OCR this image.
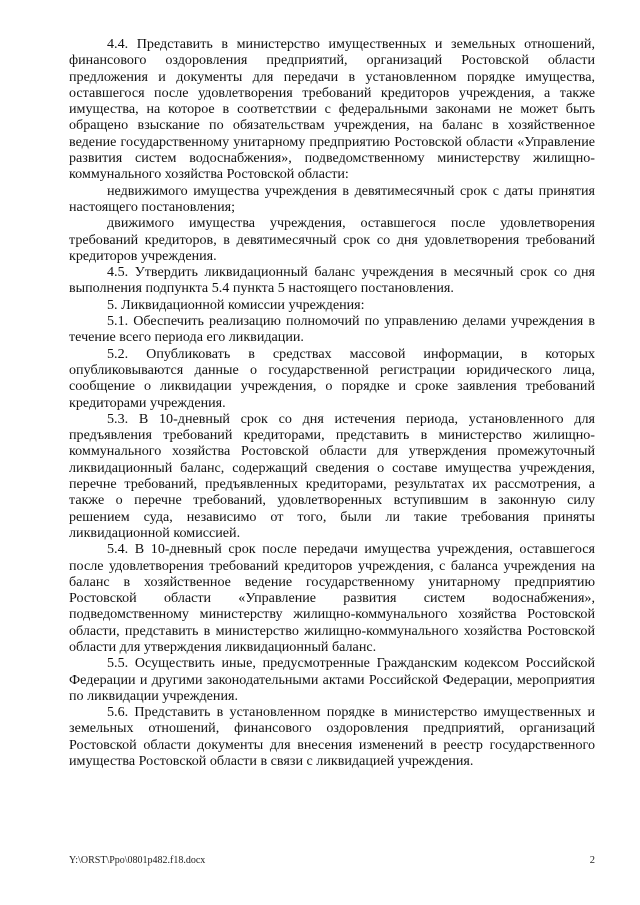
4.4. Представить в министерство имущественных и земельных отношений, финансового оздоровления предприятий, организаций Ростовской области предложения и документы для передачи в установленном порядке имущества, оставшегося после удовлетворения требований кредиторов учреждения, а также имущества, на которое в соответствии с федеральными законами не может быть обращено взыскание по обязательствам учреждения, на баланс в хозяйственное ведение государственному унитарному предприятию Ростовской области «Управление развития систем водоснабжения», подведомственному министерству жилищно-коммунального хозяйства Ростовской области:

недвижимого имущества учреждения в девятимесячный срок с даты принятия настоящего постановления;

движимого имущества учреждения, оставшегося после удовлетворения требований кредиторов, в девятимесячный срок со дня удовлетворения требований кредиторов учреждения.

4.5. Утвердить ликвидационный баланс учреждения в месячный срок со дня выполнения подпункта 5.4 пункта 5 настоящего постановления.

5. Ликвидационной комиссии учреждения:

5.1. Обеспечить реализацию полномочий по управлению делами учреждения в течение всего периода его ликвидации.

5.2. Опубликовать в средствах массовой информации, в которых опубликовываются данные о государственной регистрации юридического лица, сообщение о ликвидации учреждения, о порядке и сроке заявления требований кредиторами учреждения.

5.3. В 10-дневный срок со дня истечения периода, установленного для предъявления требований кредиторами, представить в министерство жилищно-коммунального хозяйства Ростовской области для утверждения промежуточный ликвидационный баланс, содержащий сведения о составе имущества учреждения, перечне требований, предъявленных кредиторами, результатах их рассмотрения, а также о перечне требований, удовлетворенных вступившим в законную силу решением суда, независимо от того, были ли такие требования приняты ликвидационной комиссией.

5.4. В 10-дневный срок после передачи имущества учреждения, оставшегося после удовлетворения требований кредиторов учреждения, с баланса учреждения на баланс в хозяйственное ведение государственному унитарному предприятию Ростовской области «Управление развития систем водоснабжения», подведомственному министерству жилищно-коммунального хозяйства Ростовской области, представить в министерство жилищно-коммунального хозяйства Ростовской области для утверждения ликвидационный баланс.

5.5. Осуществить иные, предусмотренные Гражданским кодексом Российской Федерации и другими законодательными актами Российской Федерации, мероприятия по ликвидации учреждения.

5.6. Представить в установленном порядке в министерство имущественных и земельных отношений, финансового оздоровления предприятий, организаций Ростовской области документы для внесения изменений в реестр государственного имущества Ростовской области в связи с ликвидацией учреждения.

Y:\ORST\Ppo\0801p482.f18.docx	2
